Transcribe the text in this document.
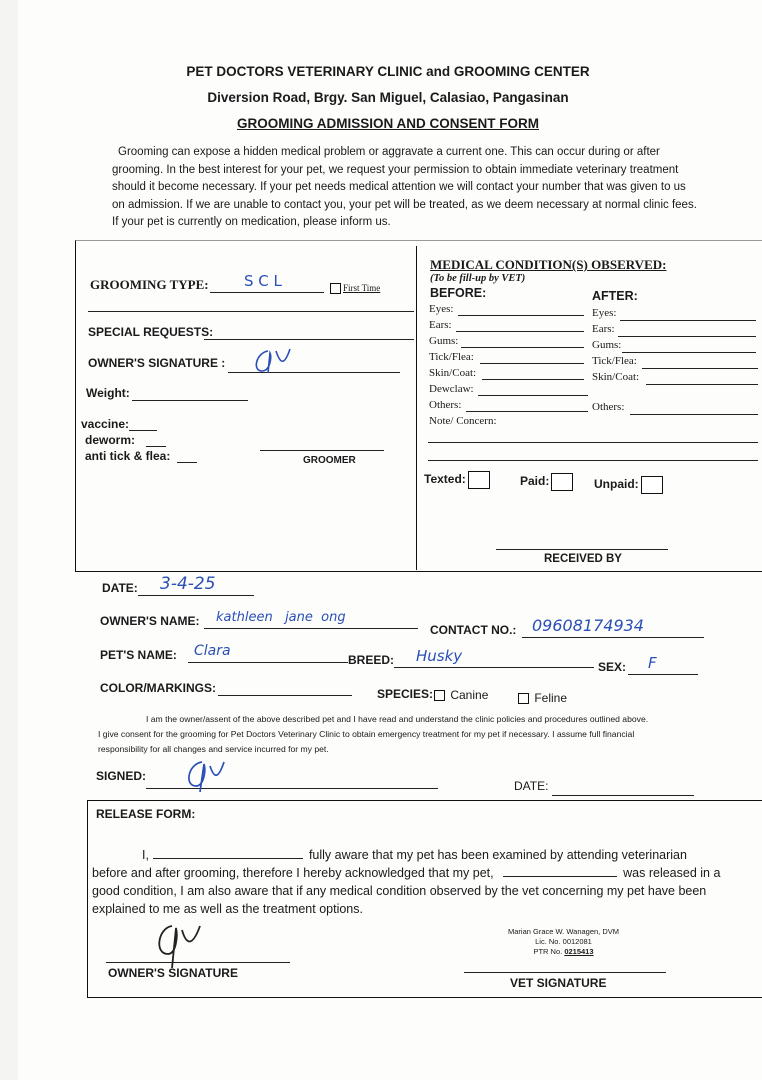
PET DOCTORS VETERINARY CLINIC and GROOMING CENTER
Diversion Road, Brgy. San Miguel, Calasiao, Pangasinan
GROOMING ADMISSION AND CONSENT FORM
Grooming can expose a hidden medical problem or aggravate a current one. This can occur during or after
grooming. In the best interest for your pet, we request your permission to obtain immediate veterinary treatment
should it become necessary. If your pet needs medical attention we will contact your number that was given to us
on admission. If we are unable to contact you, your pet will be treated, as we deem necessary at normal clinic fees.
If your pet is currently on medication, please inform us.
GROOMING TYPE: S C L	First Time
SPECIAL REQUESTS:
OWNER'S SIGNATURE :
Weight:
vaccine:
deworm:
anti tick & flea:	GROOMER
MEDICAL CONDITION(S) OBSERVED:
(To be fill-up by VET)
BEFORE:	AFTER:
Eyes:
Ears:
Gums:
Tick/Flea:
Skin/Coat:
Dewclaw:
Others:
Note/ Concern:
Eyes:
Ears:
Gums:
Tick/Flea:
Skin/Coat:
Others:
Texted:	Paid:	Unpaid:
RECEIVED BY
DATE: 3-4-25
OWNER'S NAME: kathleen   jane  ong
CONTACT NO.: 09608174934
PET'S NAME: Clara
BREED: Husky
SEX: F
COLOR/MARKINGS:	SPECIES:	Canine	Feline
I am the owner/assent of the above described pet and I have read and understand the clinic policies and procedures outlined above.
I give consent for the grooming for Pet Doctors Veterinary Clinic to obtain emergency treatment for my pet if necessary. I assume full financial
responsibility for all changes and service incurred for my pet.
SIGNED:
DATE:
RELEASE FORM:
I,	fully aware that my pet has been examined by attending veterinarian
before and after grooming, therefore I hereby acknowledged that my pet,	was released in a
good condition, I am also aware that if any medical condition observed by the vet concerning my pet have been
explained to me as well as the treatment options.
Marian Grace W. Wanagen, DVM
Lic. No. 0012081
PTR No. 0215413
OWNER'S SIGNATURE
VET SIGNATURE
